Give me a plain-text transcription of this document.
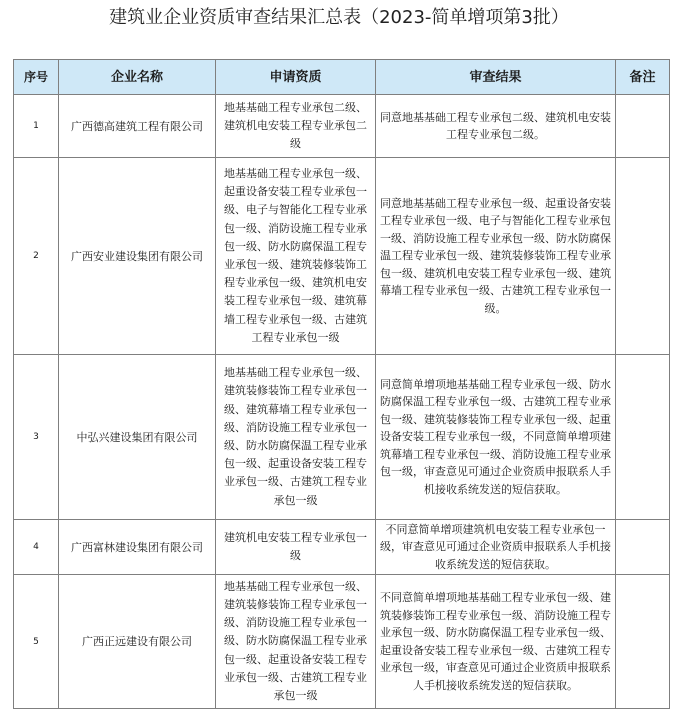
建筑业企业资质审查结果汇总表（2023-简单增项第3批）
序号	企业名称	申请资质	审查结果	备注
1	广西德高建筑工程有限公司	地基基础工程专业承包二级、建筑机电安装工程专业承包二级	同意地基基础工程专业承包二级、建筑机电安装工程专业承包二级。	
2	广西安业建设集团有限公司	地基基础工程专业承包一级、起重设备安装工程专业承包一级、电子与智能化工程专业承包一级、消防设施工程专业承包一级、防水防腐保温工程专业承包一级、建筑装修装饰工程专业承包一级、建筑机电安装工程专业承包一级、建筑幕墙工程专业承包一级、古建筑工程专业承包一级	同意地基基础工程专业承包一级、起重设备安装工程专业承包一级、电子与智能化工程专业承包一级、消防设施工程专业承包一级、防水防腐保温工程专业承包一级、建筑装修装饰工程专业承包一级、建筑机电安装工程专业承包一级、建筑幕墙工程专业承包一级、古建筑工程专业承包一级。	
3	中弘兴建设集团有限公司	地基基础工程专业承包一级、建筑装修装饰工程专业承包一级、建筑幕墙工程专业承包一级、消防设施工程专业承包一级、防水防腐保温工程专业承包一级、起重设备安装工程专业承包一级、古建筑工程专业承包一级	同意简单增项地基基础工程专业承包一级、防水防腐保温工程专业承包一级、古建筑工程专业承包一级、建筑装修装饰工程专业承包一级、起重设备安装工程专业承包一级，不同意简单增项建筑幕墙工程专业承包一级、消防设施工程专业承包一级，审查意见可通过企业资质申报联系人手机接收系统发送的短信获取。	
4	广西富林建设集团有限公司	建筑机电安装工程专业承包一级	不同意简单增项建筑机电安装工程专业承包一级，审查意见可通过企业资质申报联系人手机接收系统发送的短信获取。	
5	广西正远建设有限公司	地基基础工程专业承包一级、建筑装修装饰工程专业承包一级、消防设施工程专业承包一级、防水防腐保温工程专业承包一级、起重设备安装工程专业承包一级、古建筑工程专业承包一级	不同意简单增项地基基础工程专业承包一级、建筑装修装饰工程专业承包一级、消防设施工程专业承包一级、防水防腐保温工程专业承包一级、起重设备安装工程专业承包一级、古建筑工程专业承包一级，审查意见可通过企业资质申报联系人手机接收系统发送的短信获取。	
